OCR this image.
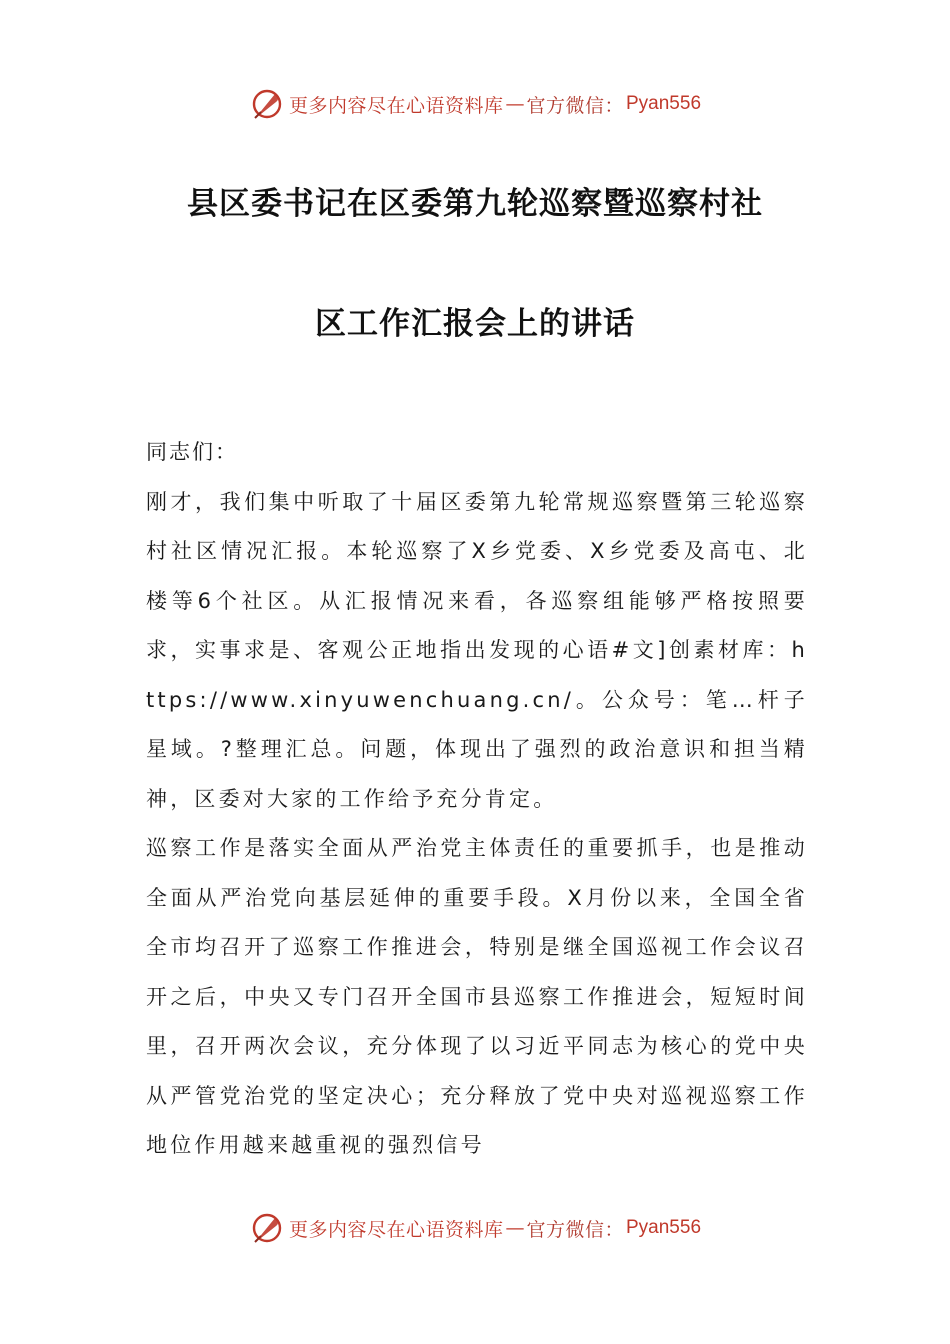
更多内容尽在心语资料库 — 官方微信： Pyan556
县区委书记在区委第九轮巡察暨巡察村社
区工作汇报会上的讲话

同志们：

刚才，我们集中听取了十届区委第九轮常规巡察暨第三轮巡察村社区情况汇报。本轮巡察了X乡党委、X乡党委及高屯、北楼等6个社区。从汇报情况来看，各巡察组能够严格按照要求，实事求是、客观公正地指出发现的心语#文]创素材库：https://www.xinyuwenchuang.cn/。公众号：笔…杆子星域。?整理汇总。问题，体现出了强烈的政治意识和担当精神，区委对大家的工作给予充分肯定。

巡察工作是落实全面从严治党主体责任的重要抓手，也是推动全面从严治党向基层延伸的重要手段。X月份以来，全国全省全市均召开了巡察工作推进会，特别是继全国巡视工作会议召开之后，中央又专门召开全国市县巡察工作推进会，短短时间里，召开两次会议，充分体现了以习近平同志为核心的党中央从严管党治党的坚定决心；充分释放了党中央对巡视巡察工作地位作用越来越重视的强烈信号

更多内容尽在心语资料库 — 官方微信： Pyan556
